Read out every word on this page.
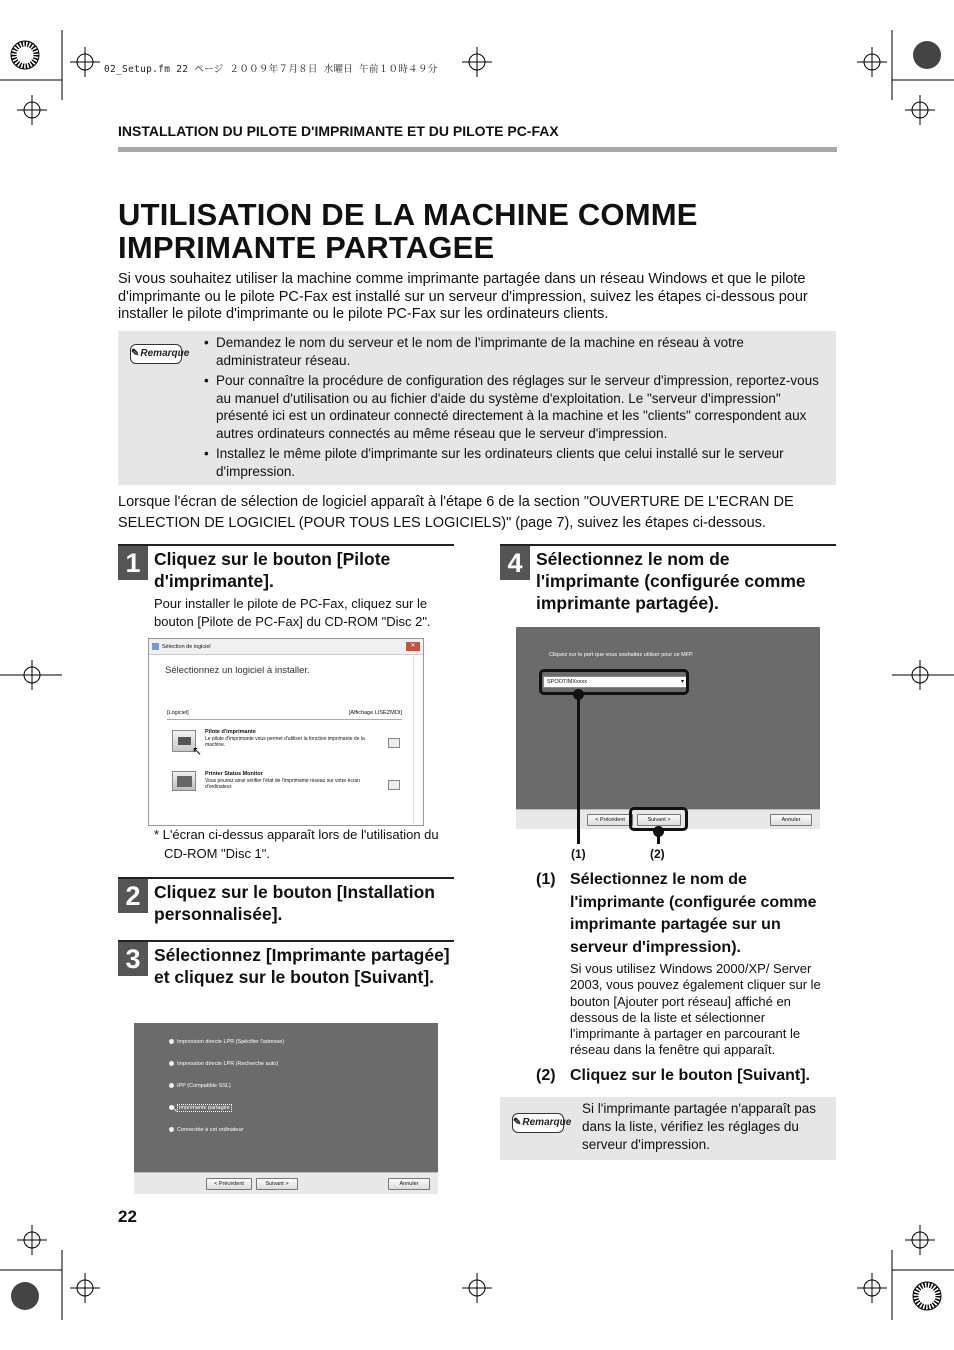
02_Setup.fm 22 ページ ２００９年７月８日 水曜日 午前１０時４９分
INSTALLATION DU PILOTE D'IMPRIMANTE ET DU PILOTE PC-FAX
UTILISATION DE LA MACHINE COMME IMPRIMANTE PARTAGEE

Si vous souhaitez utiliser la machine comme imprimante partagée dans un réseau Windows et que le pilote d'imprimante ou le pilote PC-Fax est installé sur un serveur d'impression, suivez les étapes ci-dessous pour installer le pilote d'imprimante ou le pilote PC-Fax sur les ordinateurs clients.

✎Remarque
• Demandez le nom du serveur et le nom de l'imprimante de la machine en réseau à votre administrateur réseau.
• Pour connaître la procédure de configuration des réglages sur le serveur d'impression, reportez-vous au manuel d'utilisation ou au fichier d'aide du système d'exploitation. Le "serveur d'impression" présenté ici est un ordinateur connecté directement à la machine et les "clients" correspondent aux autres ordinateurs connectés au même réseau que le serveur d'impression.
• Installez le même pilote d'imprimante sur les ordinateurs clients que celui installé sur le serveur d'impression.

Lorsque l'écran de sélection de logiciel apparaît à l'étape 6 de la section "OUVERTURE DE L'ECRAN DE SELECTION DE LOGICIEL (POUR TOUS LES LOGICIELS)" (page 7), suivez les étapes ci-dessous.

1 Cliquez sur le bouton [Pilote d'imprimante].
Pour installer le pilote de PC-Fax, cliquez sur le bouton [Pilote de PC-Fax] du CD-ROM "Disc 2".
Sélection de logiciel	✕
Sélectionnez un logiciel à installer.
[Logiciel]	[Affichage LISEZMOI]
Pilote d'imprimante
Le pilote d'imprimante vous permet d'utiliser la fonction imprimante de la machine.
↖
Printer Status Monitor
Vous pouvez ainsi vérifier l'état de l'imprimante réseau sur votre écran d'ordinateur.
* L'écran ci-dessus apparaît lors de l'utilisation du CD-ROM "Disc 1".
2 Cliquez sur le bouton [Installation personnalisée].
3 Sélectionnez [Imprimante partagée] et cliquez sur le bouton [Suivant].
Impression directe LPR (Spécifier l'adresse)
Impression directe LPR (Recherche auto)
IPP (Compatible SSL)
Imprimante partagée
Connectée à cet ordinateur
↖
< Précédent	Suivant >	Annuler
4 Sélectionnez le nom de l'imprimante (configurée comme imprimante partagée).
Cliquez sur le port que vous souhaitez utiliser pour ce MFP.
SPOOTIMXxxxx	▾
< Précédent	Suivant >	Annuler
(1)	(2)
(1) Sélectionnez le nom de l'imprimante (configurée comme imprimante partagée sur un serveur d'impression).
Si vous utilisez Windows 2000/XP/ Server 2003, vous pouvez également cliquer sur le bouton [Ajouter port réseau] affiché en dessous de la liste et sélectionner l'imprimante à partager en parcourant le réseau dans la fenêtre qui apparaît.
(2) Cliquez sur le bouton [Suivant].
✎Remarque
Si l'imprimante partagée n'apparaît pas dans la liste, vérifiez les réglages du serveur d'impression.
22
